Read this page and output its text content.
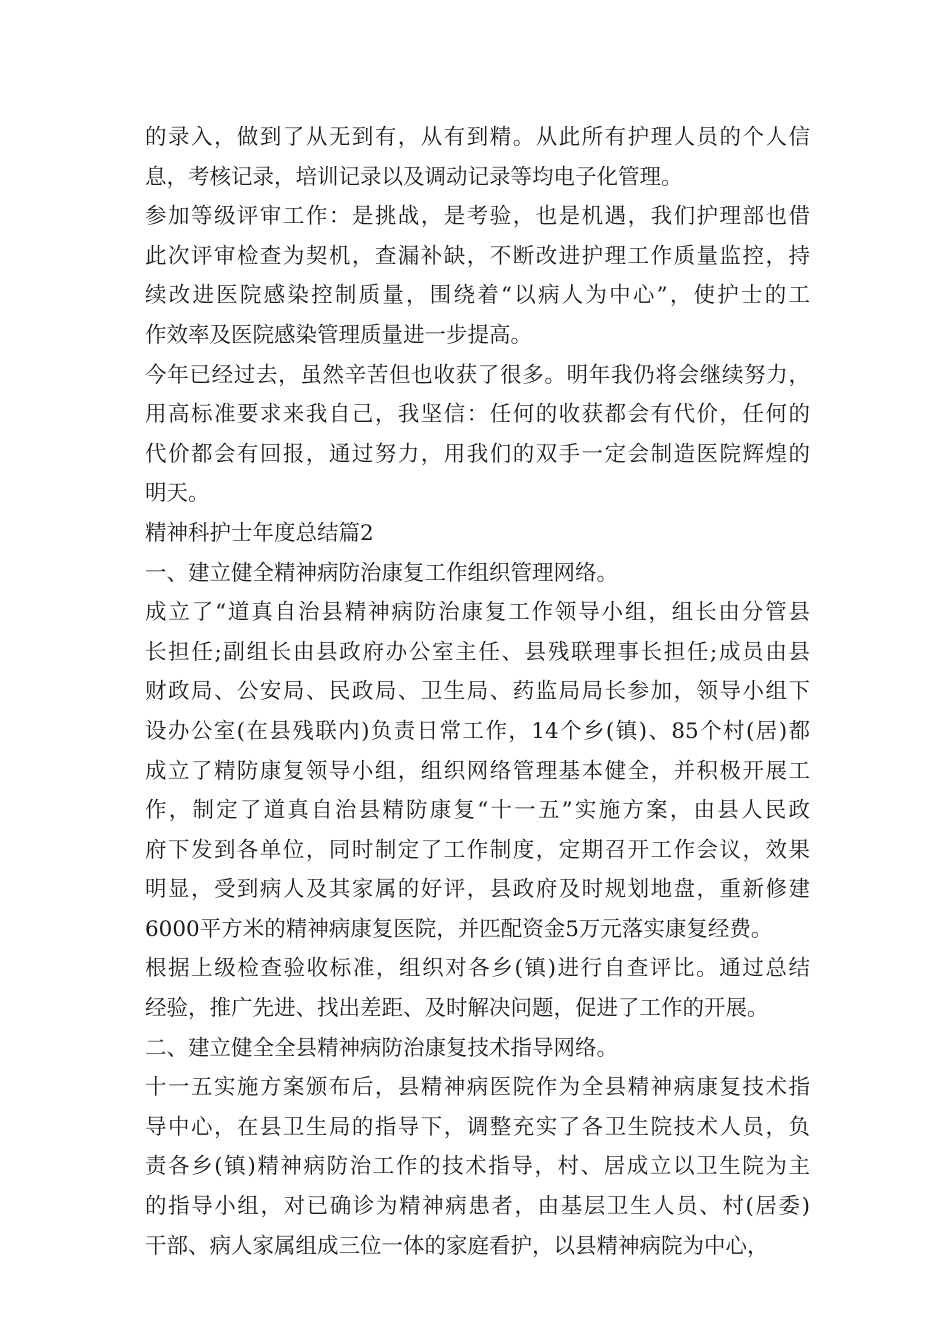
的录入，做到了从无到有，从有到精。从此所有护理人员的个人信
息，考核记录，培训记录以及调动记录等均电子化管理。
参加等级评审工作：是挑战，是考验，也是机遇，我们护理部也借
此次评审检查为契机，查漏补缺，不断改进护理工作质量监控，持
续改进医院感染控制质量，围绕着“以病人为中心”，使护士的工
作效率及医院感染管理质量进一步提高。
今年已经过去，虽然辛苦但也收获了很多。明年我仍将会继续努力，
用高标准要求来我自己，我坚信：任何的收获都会有代价，任何的
代价都会有回报，通过努力，用我们的双手一定会制造医院辉煌的
明天。
精神科护士年度总结篇2
一、建立健全精神病防治康复工作组织管理网络。
成立了“道真自治县精神病防治康复工作领导小组，组长由分管县
长担任;副组长由县政府办公室主任、县残联理事长担任;成员由县
财政局、公安局、民政局、卫生局、药监局局长参加，领导小组下
设办公室(在县残联内)负责日常工作，14个乡(镇)、85个村(居)都
成立了精防康复领导小组，组织网络管理基本健全，并积极开展工
作，制定了道真自治县精防康复“十一五”实施方案，由县人民政
府下发到各单位，同时制定了工作制度，定期召开工作会议，效果
明显，受到病人及其家属的好评，县政府及时规划地盘，重新修建
6000平方米的精神病康复医院，并匹配资金5万元落实康复经费。
根据上级检查验收标准，组织对各乡(镇)进行自查评比。通过总结
经验，推广先进、找出差距、及时解决问题，促进了工作的开展。
二、建立健全全县精神病防治康复技术指导网络。
十一五实施方案颁布后，县精神病医院作为全县精神病康复技术指
导中心，在县卫生局的指导下，调整充实了各卫生院技术人员，负
责各乡(镇)精神病防治工作的技术指导，村、居成立以卫生院为主
的指导小组，对已确诊为精神病患者，由基层卫生人员、村(居委)
干部、病人家属组成三位一体的家庭看护，以县精神病院为中心，
